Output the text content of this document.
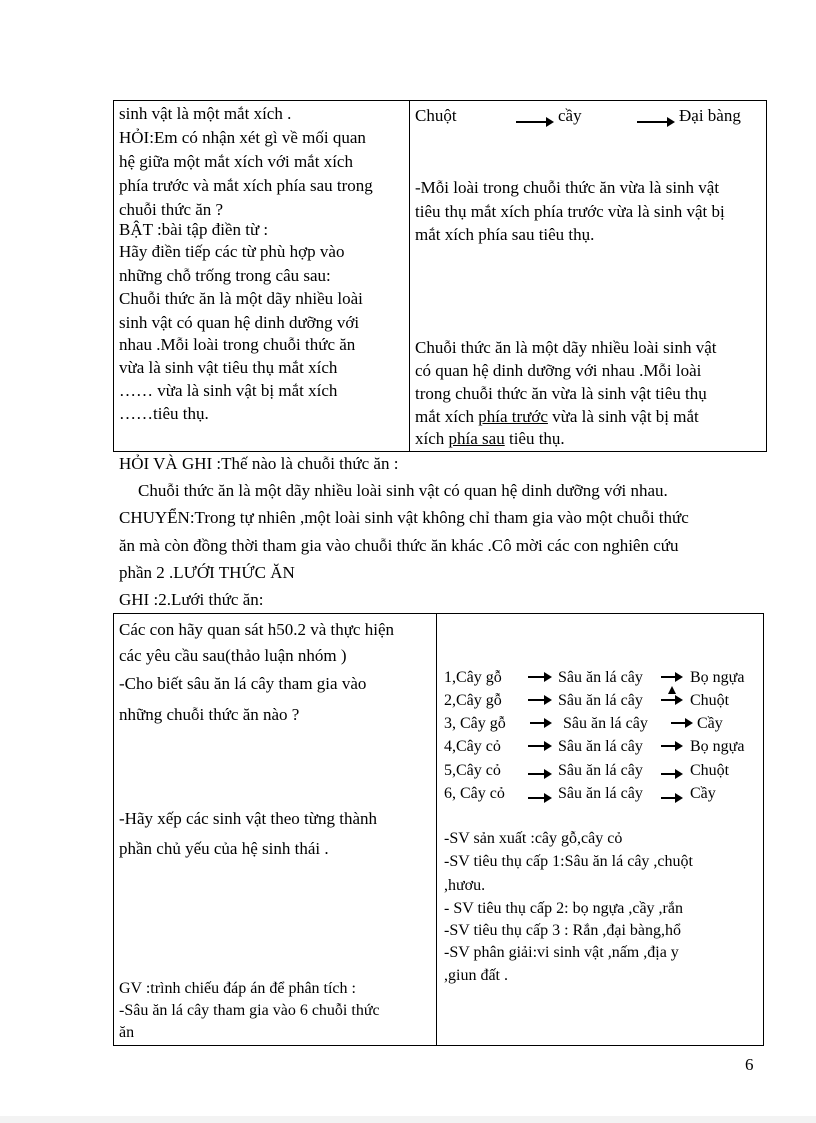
sinh vật là một mắt xích .
HỎI:Em có nhận xét gì về mối quan
hệ giữa một mắt xích với mắt xích
phía trước và mắt xích phía sau trong
chuỗi thức ăn ?
BẬT :bài tập điền từ :
Hãy điền tiếp các từ phù hợp vào
những chỗ trống trong câu sau:
Chuỗi thức ăn là một dãy nhiều loài
sinh vật có quan hệ dinh dưỡng với
nhau .Mỗi loài trong chuỗi thức ăn
vừa là sinh vật tiêu thụ mắt xích
…… vừa là sinh vật bị mắt xích
……tiêu thụ.
Chuột	cầy	Đại bàng
-Mỗi loài trong chuỗi thức ăn vừa là sinh vật
tiêu thụ mắt xích phía trước vừa là sinh vật bị
mắt xích phía sau tiêu thụ.
Chuỗi thức ăn là một dãy nhiều loài sinh vật
có quan hệ dinh dưỡng với nhau .Mỗi loài
trong chuỗi thức ăn vừa là sinh vật tiêu thụ
mắt xích phía trước vừa là sinh vật bị mắt
xích phía sau tiêu thụ.
HỎI VÀ GHI :Thế nào là chuỗi thức ăn :
Chuỗi thức ăn là một dãy nhiều loài sinh vật có quan hệ dinh dưỡng với nhau.
CHUYỂN:Trong tự nhiên ,một loài sinh vật không chỉ tham gia vào một chuỗi thức
ăn mà còn đồng thời tham gia vào chuỗi thức ăn khác .Cô mời các con nghiên cứu
phần 2 .LƯỚI THỨC ĂN
GHI :2.Lưới thức ăn:
Các con hãy quan sát h50.2 và thực hiện
các yêu cầu sau(thảo luận nhóm )
-Cho biết sâu ăn lá cây tham gia vào
những chuỗi thức ăn nào ?
-Hãy xếp các sinh vật theo từng thành
phần chủ yếu của hệ sinh thái .
GV :trình chiếu đáp án để phân tích :
-Sâu ăn lá cây tham gia vào 6 chuỗi thức
ăn
1,Cây gỗ	Sâu ăn lá cây	Bọ ngựa
2,Cây gỗ	Sâu ăn lá cây	Chuột
3, Cây gỗ	Sâu ăn lá cây	Cầy
4,Cây cỏ	Sâu ăn lá cây	Bọ ngựa
5,Cây cỏ	Sâu ăn lá cây	Chuột
6, Cây cỏ	Sâu ăn lá cây	Cầy
-SV sản xuất :cây gỗ,cây cỏ
-SV tiêu thụ cấp 1:Sâu ăn lá cây ,chuột
,hươu.
- SV tiêu thụ cấp 2: bọ ngựa ,cầy ,rắn
-SV tiêu thụ cấp 3 : Rắn ,đại bàng,hổ
-SV phân giải:vi sinh vật ,nấm ,địa y
,giun đất .
6
